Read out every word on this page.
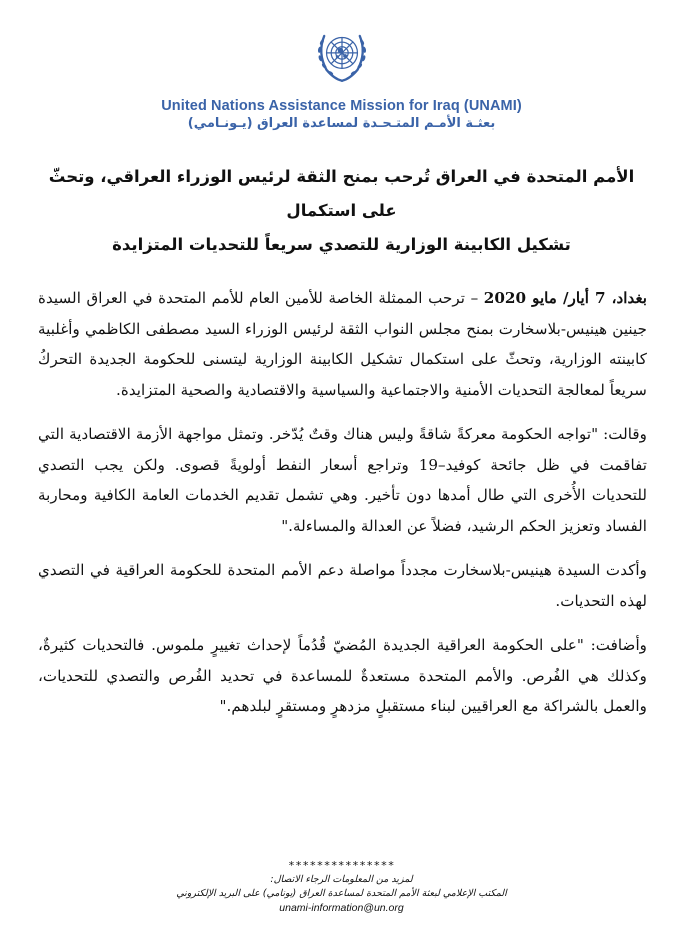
United Nations Assistance Mission for Iraq (UNAMI)
بعثـة الأمـم المتـحـدة لمساعدة العراق (يـونـامي)
الأمم المتحدة في العراق تُرحب بمنح الثقة لرئيس الوزراء العراقي، وتحثّ على استكمال
تشكيل الكابينة الوزارية للتصدي سريعاً للتحديات المتزايدة

بغداد، 7 أيار/ مايو 2020 – ترحب الممثلة الخاصة للأمين العام للأمم المتحدة في العراق السيدة جينين هينيس-بلاسخارت بمنح مجلس النواب الثقة لرئيس الوزراء السيد مصطفى الكاظمي وأغلبية كابينته الوزارية، وتحثّ على استكمال تشكيل الكابينة الوزارية ليتسنى للحكومة الجديدة التحركُ سريعاً لمعالجة التحديات الأمنية والاجتماعية والسياسية والاقتصادية والصحية المتزايدة.

وقالت: "تواجه الحكومة معركةً شاقةً وليس هناك وقتٌ يُدّخر. وتمثل مواجهة الأزمة الاقتصادية التي تفاقمت في ظل جائحة كوفيد–19 وتراجع أسعار النفط أولويةً قصوى. ولكن يجب التصدي للتحديات الأُخرى التي طال أمدها دون تأخير. وهي تشمل تقديم الخدمات العامة الكافية ومحاربة الفساد وتعزيز الحكم الرشيد، فضلاً عن العدالة والمساءلة."

وأكدت السيدة هينيس-بلاسخارت مجدداً مواصلة دعم الأمم المتحدة للحكومة العراقية في التصدي لهذه التحديات.

وأضافت: "على الحكومة العراقية الجديدة المُضيّ قُدُماً لإحداث تغييرٍ ملموس. فالتحديات كثيرةٌ، وكذلك هي الفُرص. والأمم المتحدة مستعدةٌ للمساعدة في تحديد الفُرص والتصدي للتحديات، والعمل بالشراكة مع العراقيين لبناء مستقبلٍ مزدهرٍ ومستقرٍ لبلدهم."

***************
لمزيد من المعلومات الرجاء الاتصال:
المكتب الإعلامي لبعثة الأمم المتحدة لمساعدة العراق (يونامي) على البريد الإلكتروني
unami-information@un.org
